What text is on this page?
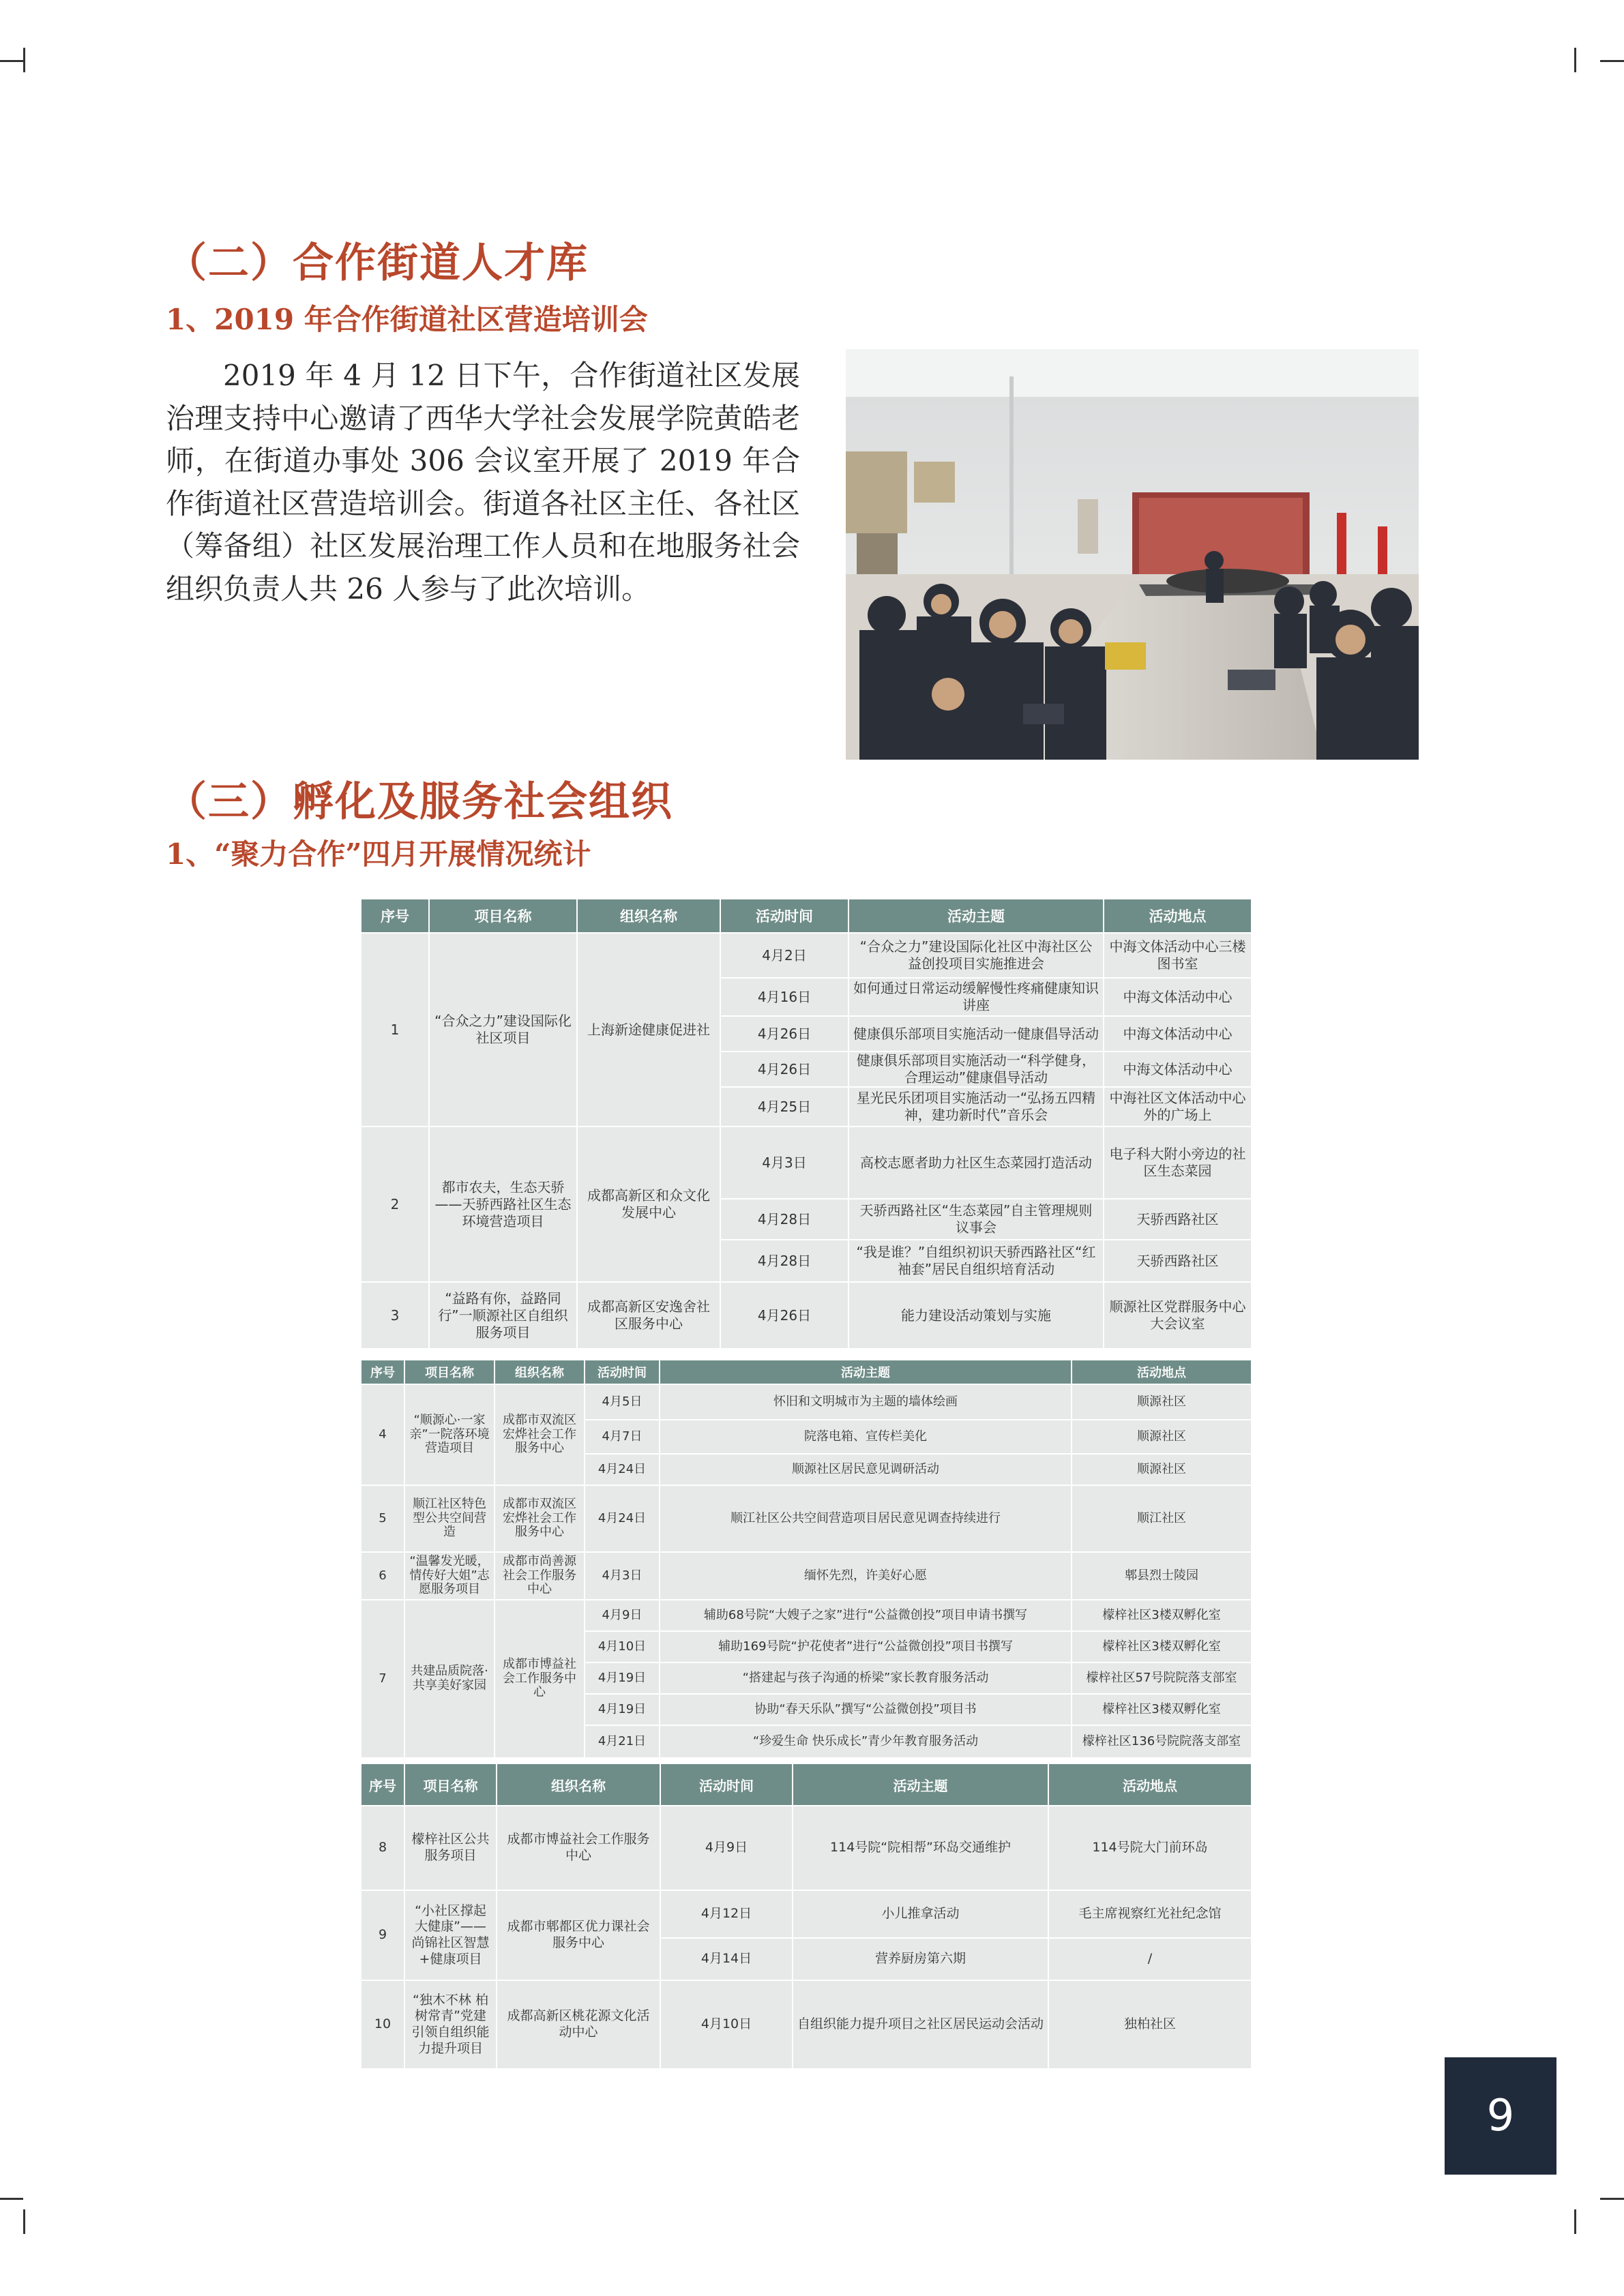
（二）合作街道人才库
1、2019 年合作街道社区营造培训会

2019 年 4 月 12 日下午，合作街道社区发展治理支持中心邀请了西华大学社会发展学院黄皓老师，在街道办事处 306 会议室开展了 2019 年合作街道社区营造培训会。街道各社区主任、各社区（筹备组）社区发展治理工作人员和在地服务社会组织负责人共 26 人参与了此次培训。

（三）孵化及服务社会组织
1、“聚力合作”四月开展情况统计
序号	项目名称	组织名称	活动时间	活动主题	活动地点
1	“合众之力”建设国际化社区项目	上海新途健康促进社	4月2日	“合众之力”建设国际化社区中海社区公益创投项目实施推进会	中海文体活动中心三楼图书室
			4月16日	如何通过日常运动缓解慢性疼痛健康知识讲座	中海文体活动中心
			4月26日	健康俱乐部项目实施活动一健康倡导活动	中海文体活动中心
			4月26日	健康俱乐部项目实施活动一“科学健身，合理运动”健康倡导活动	中海文体活动中心
			4月25日	星光民乐团项目实施活动一“弘扬五四精神，建功新时代”音乐会	中海社区文体活动中心外的广场上
2	都市农夫，生态天骄——天骄西路社区生态环境营造项目	成都高新区和众文化发展中心	4月3日	高校志愿者助力社区生态菜园打造活动	电子科大附小旁边的社区生态菜园
			4月28日	天骄西路社区“生态菜园”自主管理规则议事会	天骄西路社区
			4月28日	“我是谁？”自组织初识天骄西路社区“红袖套”居民自组织培育活动	天骄西路社区
3	“益路有你，益路同行”一顺源社区自组织服务项目	成都高新区安逸舍社区服务中心	4月26日	能力建设活动策划与实施	顺源社区党群服务中心大会议室
序号	项目名称	组织名称	活动时间	活动主题	活动地点
4	“顺源心·一家亲”一院落环境营造项目	成都市双流区宏烨社会工作服务中心	4月5日	怀旧和文明城市为主题的墙体绘画	顺源社区
			4月7日	院落电箱、宣传栏美化	顺源社区
			4月24日	顺源社区居民意见调研活动	顺源社区
5	顺江社区特色型公共空间营造	成都市双流区宏烨社会工作服务中心	4月24日	顺江社区公共空间营造项目居民意见调查持续进行	顺江社区
6	“温馨发光暖，情传好大姐”志愿服务项目	成都市尚善源社会工作服务中心	4月3日	缅怀先烈，许美好心愿	郫县烈士陵园
7	共建品质院落·共享美好家园	成都市博益社会工作服务中心	4月9日	辅助68号院“大嫂子之家”进行“公益微创投”项目申请书撰写	檬梓社区3楼双孵化室
			4月10日	辅助169号院“护花使者”进行“公益微创投”项目书撰写	檬梓社区3楼双孵化室
			4月19日	“搭建起与孩子沟通的桥梁”家长教育服务活动	檬梓社区57号院院落支部室
			4月19日	协助“春天乐队”撰写“公益微创投”项目书	檬梓社区3楼双孵化室
			4月21日	“珍爱生命 快乐成长”青少年教育服务活动	檬梓社区136号院院落支部室
序号	项目名称	组织名称	活动时间	活动主题	活动地点
8	檬梓社区公共服务项目	成都市博益社会工作服务中心	4月9日	114号院“院相帮”环岛交通维护	114号院大门前环岛
9	“小社区撑起大健康”——尚锦社区智慧+健康项目	成都市郫都区优力课社会服务中心	4月12日	小儿推拿活动	毛主席视察红光社纪念馆
			4月14日	营养厨房第六期	/
10	“独木不林 柏树常青”党建引领自组织能力提升项目	成都高新区桃花源文化活动中心	4月10日	自组织能力提升项目之社区居民运动会活动	独柏社区
9
